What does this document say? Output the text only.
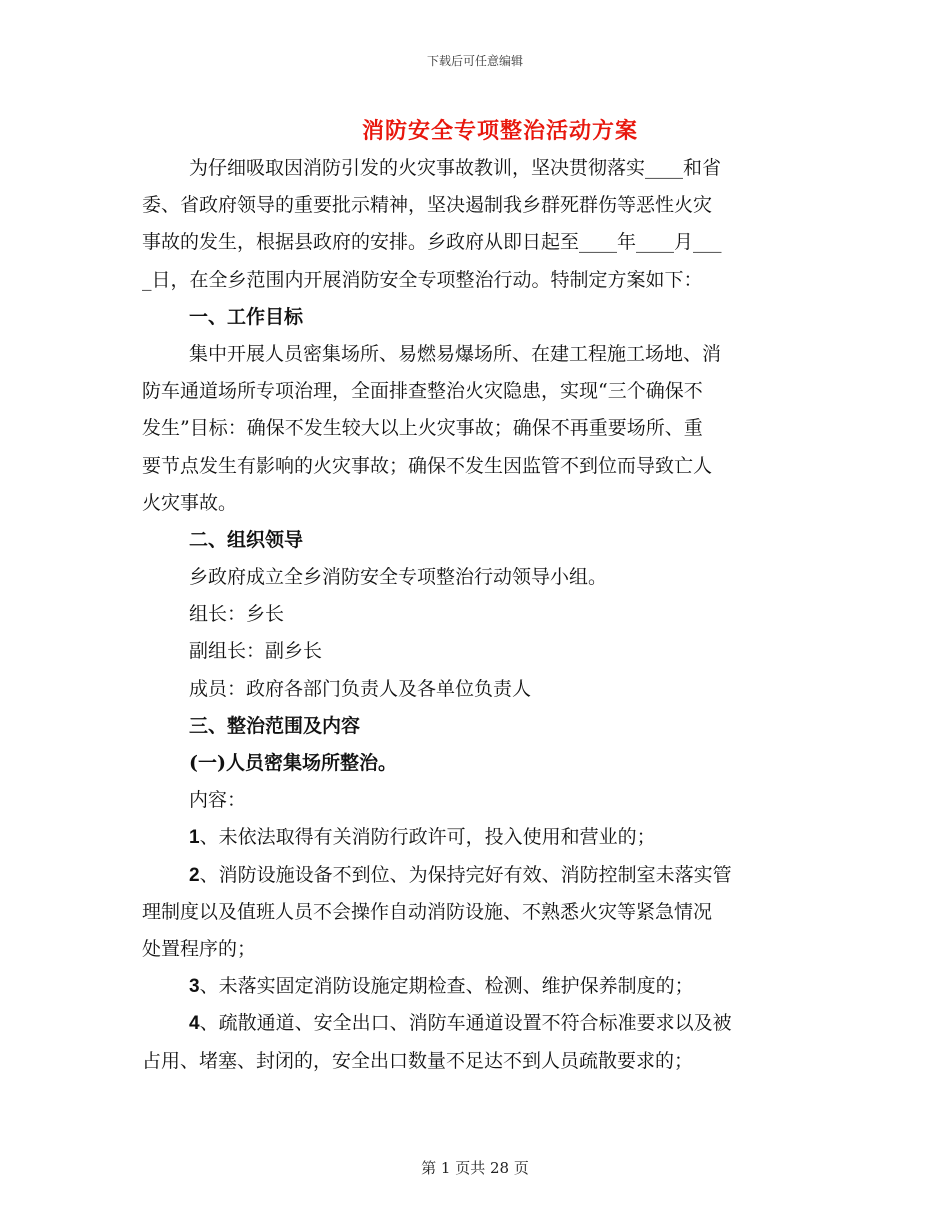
下载后可任意编辑
消防安全专项整治活动方案
为仔细吸取因消防引发的火灾事故教训，坚决贯彻落实____和省
委、省政府领导的重要批示精神，坚决遏制我乡群死群伤等恶性火灾
事故的发生，根据县政府的安排。乡政府从即日起至____年____月___
_日，在全乡范围内开展消防安全专项整治行动。特制定方案如下：
一、工作目标
集中开展人员密集场所、易燃易爆场所、在建工程施工场地、消
防车通道场所专项治理，全面排查整治火灾隐患，实现“三个确保不
发生”目标：确保不发生较大以上火灾事故；确保不再重要场所、重
要节点发生有影响的火灾事故；确保不发生因监管不到位而导致亡人
火灾事故。
二、组织领导
乡政府成立全乡消防安全专项整治行动领导小组。
组长：乡长
副组长：副乡长
成员：政府各部门负责人及各单位负责人
三、整治范围及内容
(一)人员密集场所整治。
内容：
1、未依法取得有关消防行政许可，投入使用和营业的；
2、消防设施设备不到位、为保持完好有效、消防控制室未落实管
理制度以及值班人员不会操作自动消防设施、不熟悉火灾等紧急情况
处置程序的；
3、未落实固定消防设施定期检查、检测、维护保养制度的；
4、疏散通道、安全出口、消防车通道设置不符合标准要求以及被
占用、堵塞、封闭的，安全出口数量不足达不到人员疏散要求的；
第 1 页共 28 页
